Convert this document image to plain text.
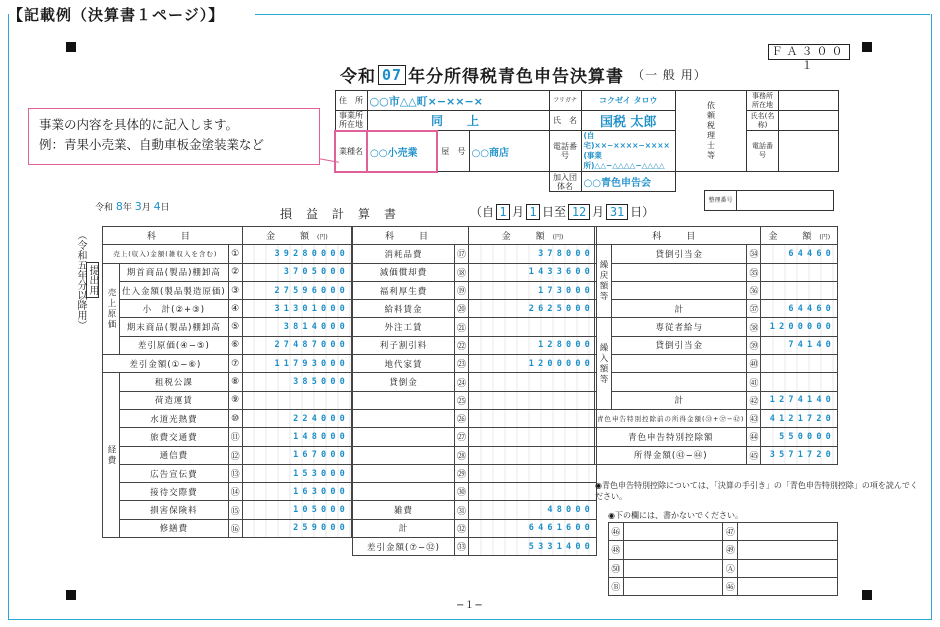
【記載例（決算書１ページ）】
ＦＡ３００１
令和 07 年分所得税青色申告決算書 （一 般 用）
住　所	○○市△△町×−××−×			フリガナ	コクゼイ タロウ	依頼税理士等	事務所所在地	
事業所所在地	同　上			氏　名	国税 太郎		氏名(名称)	
業種名	○○小売業	屋　号	○○商店	電話番号	(自 宅)××−××××−××××
(事業所)△△−△△△△−△△△△		電話番号	
				加入団体名	○○青色申告会			
整理番号	
事業の内容を具体的に記入します。
例：青果小売業、自動車板金塗装業など
令和 8年 3月 4日	損益計算書	（自 1 月 1 日至 12 月 31 日）
提出用
（令和五年分以降用）	科　目			金　額(円)
売上(収入)金額(雑収入を含む)		①	39280000
売上原価	期首商品(製品)棚卸高	②	3705000
	仕入金額(製品製造原価)	③	27596000
	小　計(②+③)	④	31301000
	期末商品(製品)棚卸高	⑤	3814000
	差引原価(④−⑤)	⑥	27487000
差引金額(①−⑥)		⑦	11793000
経費	租税公課	⑧	385000
	荷造運賃	⑨	
	水道光熱費	⑩	224000
	旅費交通費	⑪	148000
	通信費	⑫	167000
	広告宣伝費	⑬	153000
	接待交際費	⑭	163000
	損害保険料	⑮	105000
	修繕費	⑯	259000
科　目		金　額(円)
消耗品費	⑰	378000
減価償却費	⑱	1433600
福利厚生費	⑲	173000
給料賃金	⑳	2625000
外注工賃	㉑	
利子割引料	㉒	128000
地代家賃	㉓	1200000
貸倒金	㉔	
	㉕	
	㉖	
	㉗	
	㉘	
	㉙	
	㉚	
雑費	㉛	48000
計	㉜	6461600
差引金額(⑦−㉜)	㉝	5331400
科　目			金　額(円)
繰戻額等	貸倒引当金	㉞	64460
		㉟	
		㊱	
	計	㊲	64460
繰入額等	専従者給与	㊳	1200000
	貸倒引当金	㊴	74140
		㊵	
		㊶	
	計	㊷	1274140
青色申告特別控除前の所得金額(㉝+㊲−㊷)		㊸	4121720
青色申告特別控除額		㊹	550000
所得金額(㊸−㊹)		㊺	3571720
◉青色申告特別控除については、「決算の手引き」の「青色申告特別控除」の項を読んでください。
◉下の欄には、書かないでください。
㊻		㊼	
㊽		㊾	
㊿		Ⓐ	
Ⓑ		㊻	
−１−
